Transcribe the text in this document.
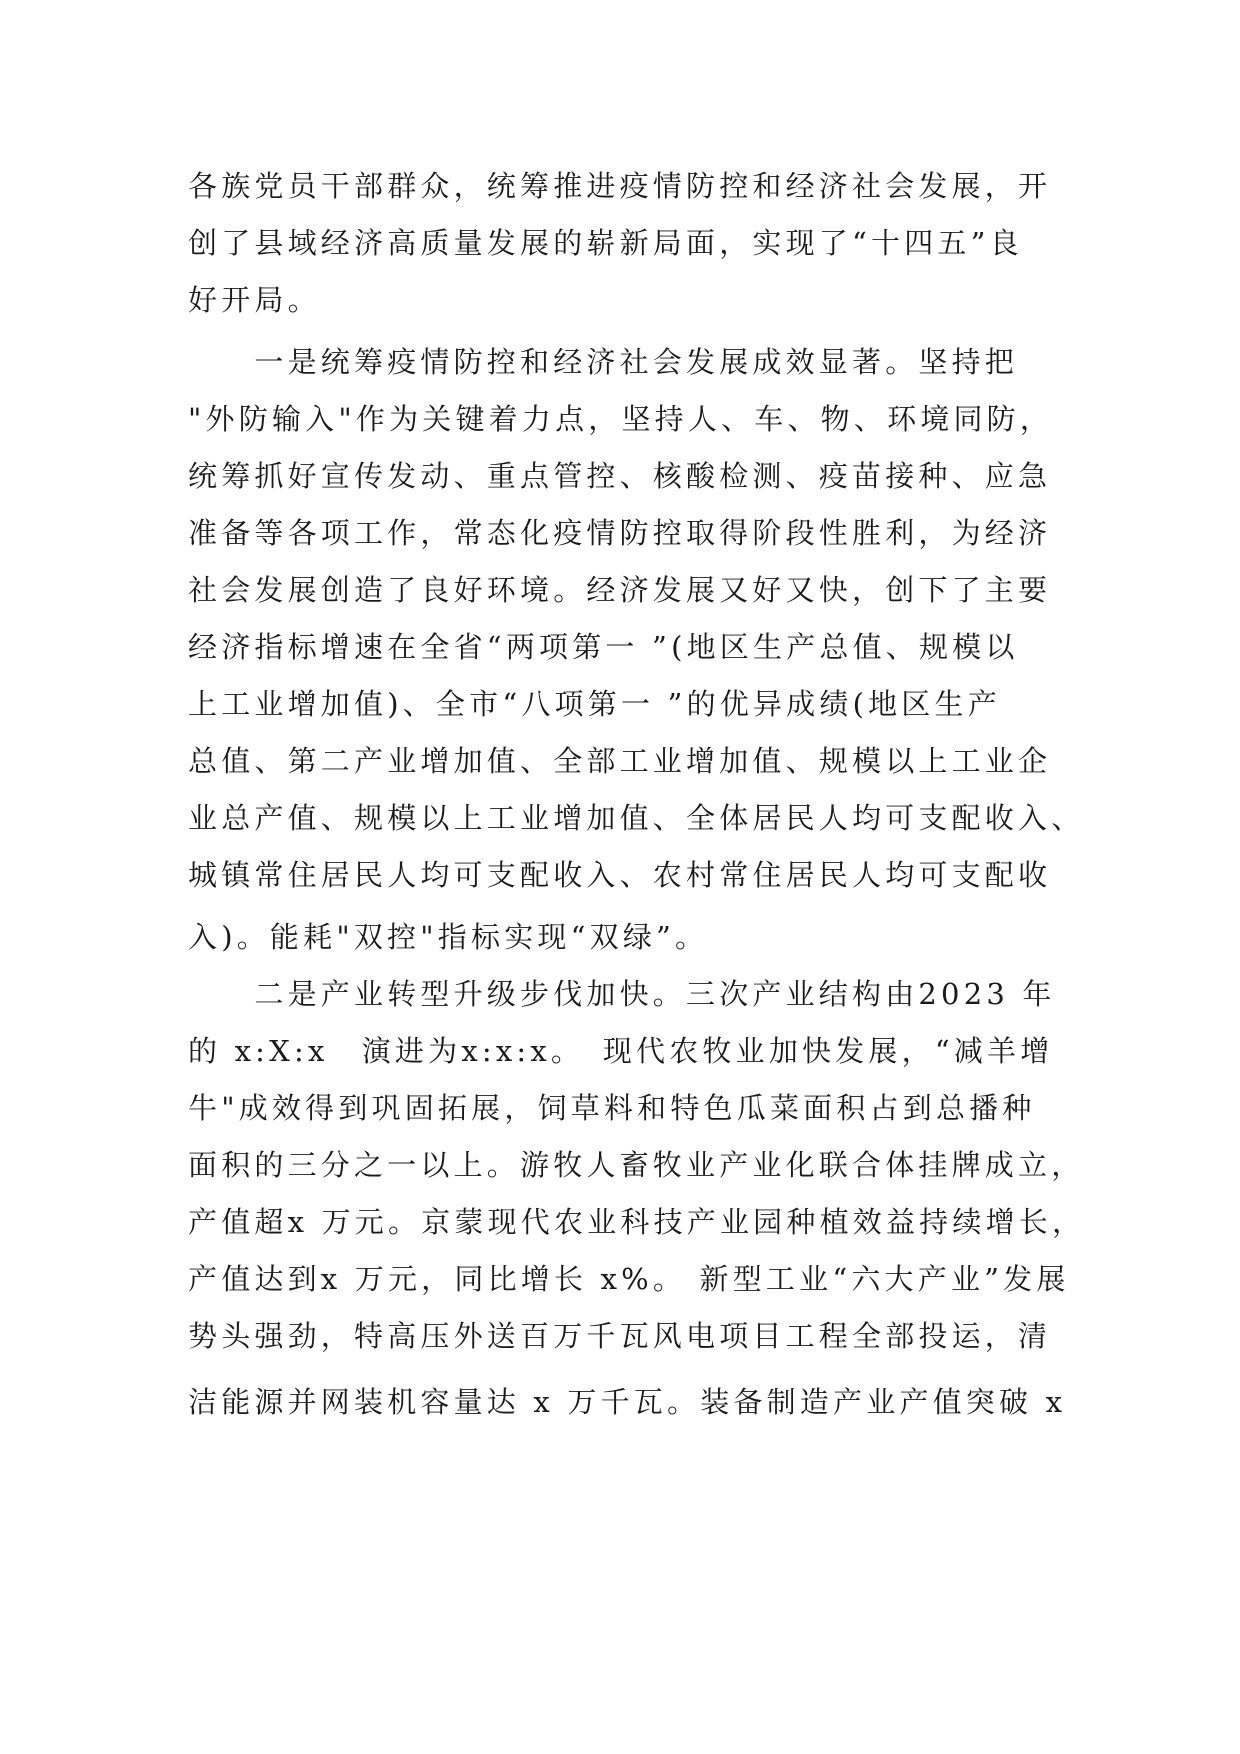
各族党员干部群众，统筹推进疫情防控和经济社会发展，开
创了县域经济高质量发展的崭新局面，实现了“十四五”良
好开局。
　　一是统筹疫情防控和经济社会发展成效显著。坚持把
"外防输入"作为关键着力点，坚持人、车、物、环境同防，
统筹抓好宣传发动、重点管控、核酸检测、疫苗接种、应急
准备等各项工作，常态化疫情防控取得阶段性胜利，为经济
社会发展创造了良好环境。经济发展又好又快，创下了主要
经济指标增速在全省“两项第一 ”(地区生产总值、规模以
上工业增加值)、全市“八项第一 ”的优异成绩(地区生产
总值、第二产业增加值、全部工业增加值、规模以上工业企
业总产值、规模以上工业增加值、全体居民人均可支配收入、
城镇常住居民人均可支配收入、农村常住居民人均可支配收
入)。能耗"双控"指标实现“双绿”。
　　二是产业转型升级步伐加快。三次产业结构由2023 年
的 x:X:x　演进为x:x:x。　现代农牧业加快发展，“减羊增
牛"成效得到巩固拓展，饲草料和特色瓜菜面积占到总播种
面积的三分之一以上。游牧人畜牧业产业化联合体挂牌成立，
产值超x 万元。京蒙现代农业科技产业园种植效益持续增长，
产值达到x 万元，同比增长 x%。 新型工业“六大产业”发展
势头强劲，特高压外送百万千瓦风电项目工程全部投运，清
洁能源并网装机容量达 x 万千瓦。装备制造产业产值突破 x
